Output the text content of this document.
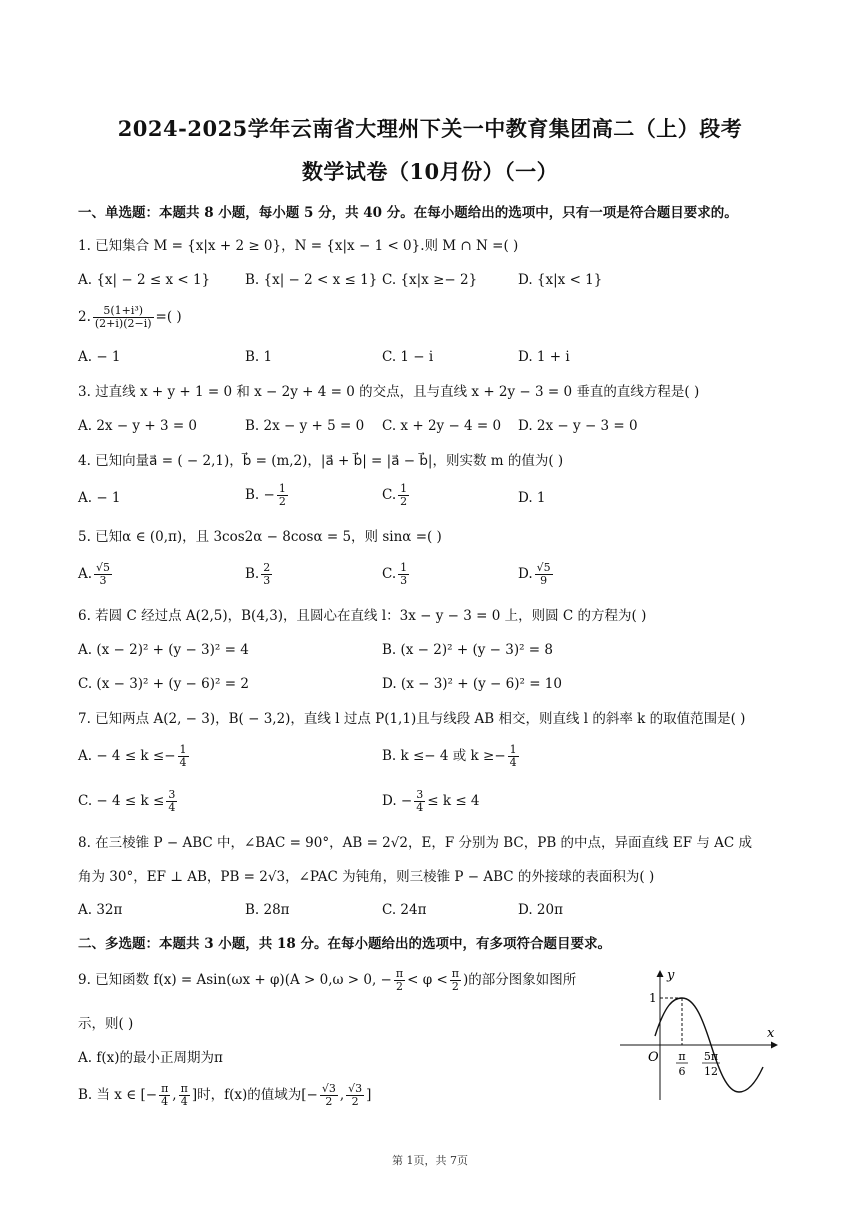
2024-2025学年云南省大理州下关一中教育集团高二（上）段考
数学试卷（10月份）（一）
一、单选题：本题共 8 小题，每小题 5 分，共 40 分。在每小题给出的选项中，只有一项是符合题目要求的。
1. 已知集合 M = {x|x + 2 ≥ 0}，N = {x|x − 1 < 0}.则 M ∩ N =( )
A. {x| − 2 ≤ x < 1}	B. {x| − 2 < x ≤ 1} C. {x|x ≥− 2}	D. {x|x < 1}
2. $\frac{\text{5(1+i³)}}{(2+i)(2-i)}$ =( )
A. − 1	B. 1	C. 1 − i	D. 1 + i
3. 过直线 x + y + 1 = 0 和 x − 2y + 4 = 0 的交点，且与直线 x + 2y − 3 = 0 垂直的直线方程是( )
A. 2x − y + 3 = 0	B. 2x − y + 5 = 0 C. x + 2y − 4 = 0 D. 2x − y − 3 = 0
4. 已知向量a⃗ = ( − 2,1)，b⃗ = (m,2)，|a⃗ + b⃗| = |a⃗ − b⃗|，则实数 m 的值为( )
A. − 1	B. − $\frac{1}{2}$	C. $\frac{1}{2}$	D. 1
5. 已知α ∈ (0,π)，且 3cos2α − 8cosα = 5，则 sinα =( )
A. $\frac{√5}{3}$	B. $\frac{2}{3}$	C. $\frac{1}{3}$	D. $\frac{√5}{9}$
6. 若圆 C 经过点 A(2,5)，B(4,3)，且圆心在直线 l：3x − y − 3 = 0 上，则圆 C 的方程为( )
A. (x − 2)² + (y − 3)² = 4	B. (x − 2)² + (y − 3)² = 8
C. (x − 3)² + (y − 6)² = 2	D. (x − 3)² + (y − 6)² = 10
7. 已知两点 A(2, − 3)，B( − 3,2)，直线 l 过点 P(1,1)且与线段 AB 相交，则直线 l 的斜率 k 的取值范围是( )
A. − $4 \le k \le- \frac{1}{4}$	B. k ≤− 4 或 $k \ge- \frac{1}{4}$
C. − $4 \le k \le \frac{3}{4}$	D. − $\frac{3}{4} \le k \le 4$
8. 在三棱锥 P − ABC 中，∠BAC = 90°，AB = 2√2，E，F 分别为 BC，PB 的中点，异面直线 EF 与 AC 成
角为 30°，EF ⊥ AB，PB = 2√3，∠PAC 为钝角，则三棱锥 P − ABC 的外接球的表面积为( )
A. 32π	B. 28π	C. 24π	D. 20π
二、多选题：本题共 3 小题，共 18 分。在每小题给出的选项中，有多项符合题目要求。
9. 已知函数 f(x) = Asin(ωx + φ)(A > 0,ω > 0, − $\frac{\pi}{2} < \varphi < \frac{\pi}{2}$ )的部分图象如图所
示，则( )
A. f(x)的最小正周期为π
B. 当 x ∈ [− $\frac{\pi}{4}$ , $\frac{\pi}{4}$ ]时，f(x)的值域为[− $\frac{√3}{2}$ , $\frac{√3}{2}$ ]
y
x
O
1
π
6
5π
12
第 1页，共 7页
